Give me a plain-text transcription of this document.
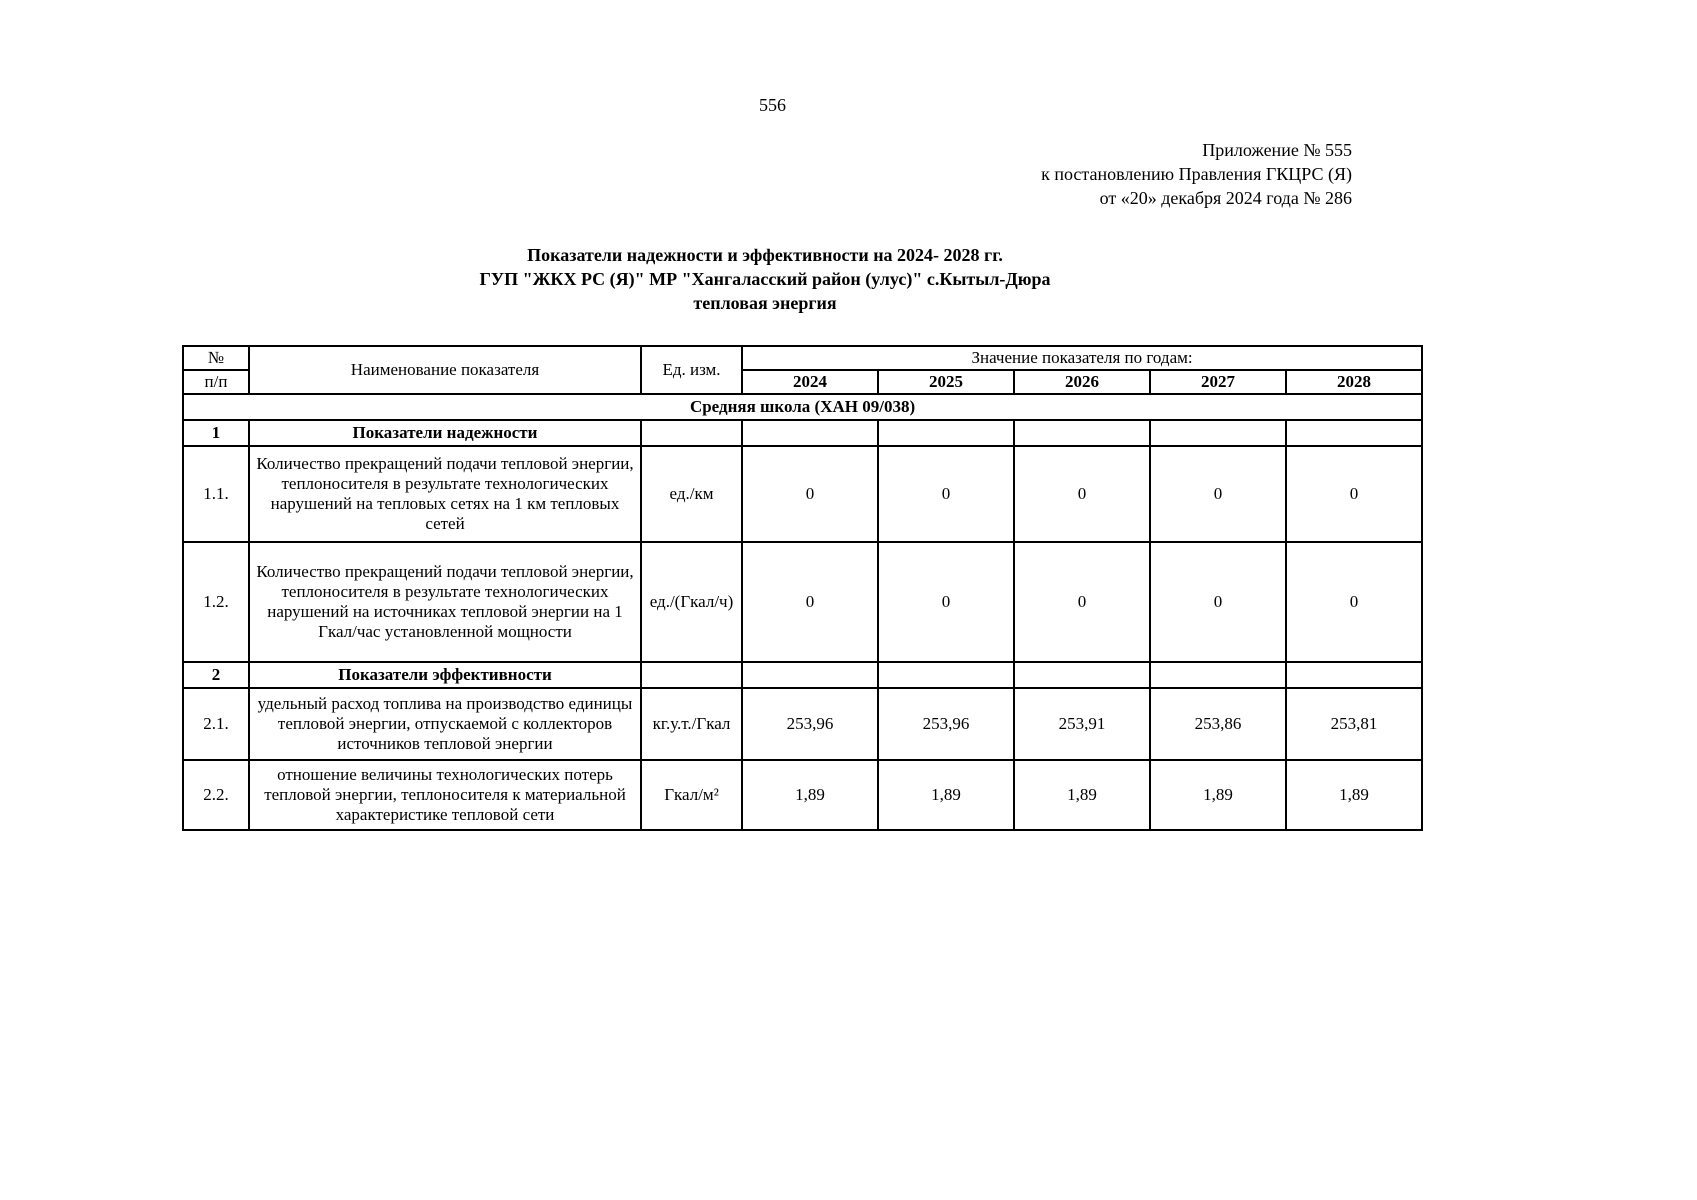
556
Приложение № 555
к постановлению Правления ГКЦРС (Я)
от «20» декабря 2024 года № 286
Показатели надежности и эффективности на 2024- 2028 гг.
ГУП "ЖКХ РС (Я)" МР "Хангаласский район (улус)" с.Кытыл-Дюра
тепловая энергия
№	Наименование показателя	Ед. изм.	Значение показателя по годам:				
п/п			2024	2025	2026	2027	2028
Средняя школа (ХАН 09/038)							
1	Показатели надежности						
1.1.	Количество прекращений подачи тепловой энергии, теплоносителя в результате технологических нарушений на тепловых сетях на 1 км тепловых сетей	ед./км	0	0	0	0	0
1.2.	Количество прекращений подачи тепловой энергии, теплоносителя в результате технологических нарушений на источниках тепловой энергии на 1 Гкал/час установленной мощности	ед./(Гкал/ч)	0	0	0	0	0
2	Показатели эффективности						
2.1.	удельный расход топлива на производство единицы тепловой энергии, отпускаемой с коллекторов источников тепловой энергии	кг.у.т./Гкал	253,96	253,96	253,91	253,86	253,81
2.2.	отношение величины технологических потерь тепловой энергии, теплоносителя к материальной характеристике тепловой сети	Гкал/м²	1,89	1,89	1,89	1,89	1,89
